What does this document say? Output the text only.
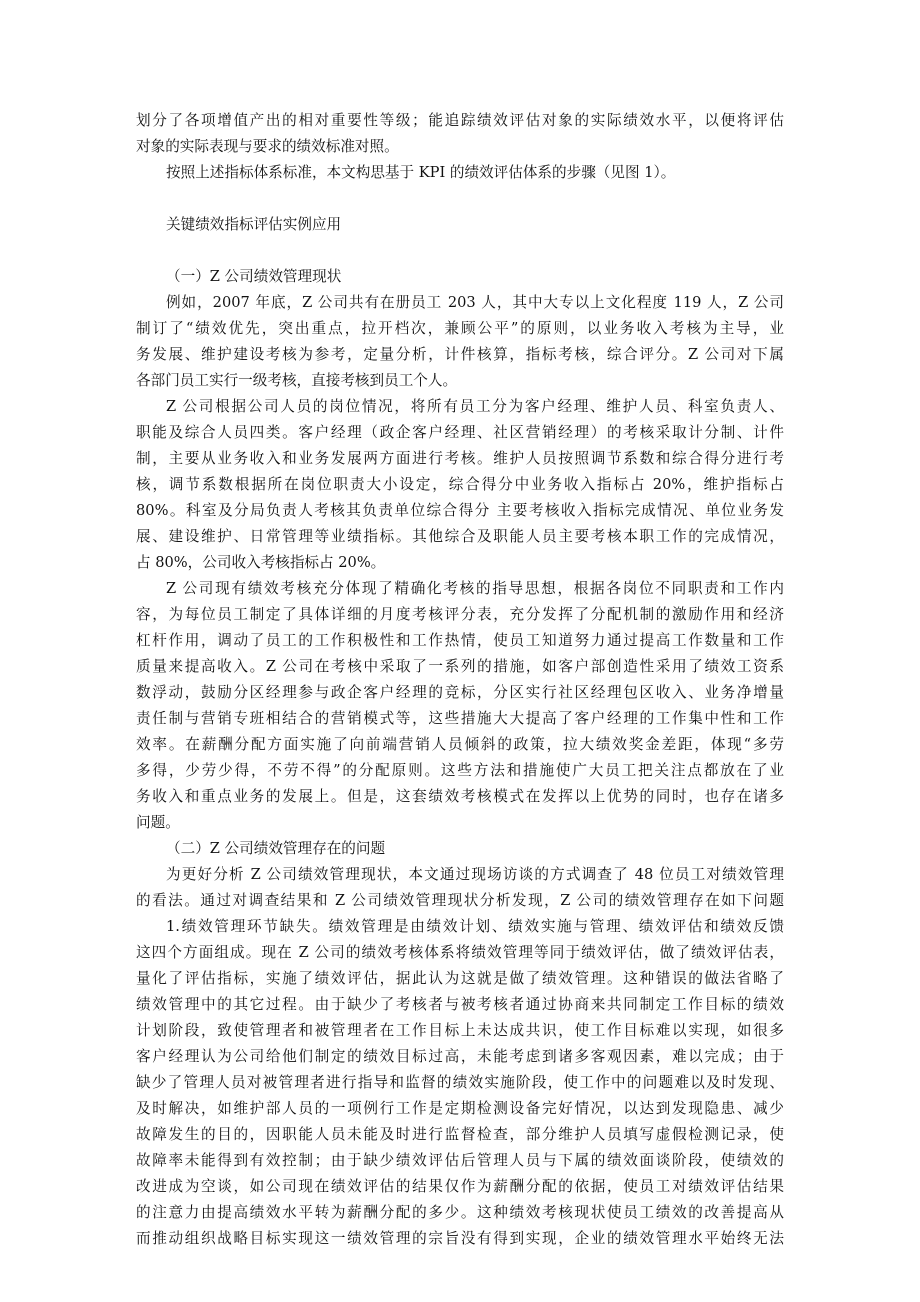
划分了各项增值产出的相对重要性等级；能追踪绩效评估对象的实际绩效水平，以便将评估
对象的实际表现与要求的绩效标准对照。
按照上述指标体系标准，本文构思基于 KPI 的绩效评估体系的步骤（见图 1）。
关键绩效指标评估实例应用
（一）Z 公司绩效管理现状
例如，2007 年底，Z 公司共有在册员工 203 人，其中大专以上文化程度 119 人，Z 公司
制订了“绩效优先，突出重点，拉开档次，兼顾公平”的原则，以业务收入考核为主导，业
务发展、维护建设考核为参考，定量分析，计件核算，指标考核，综合评分。Z 公司对下属
各部门员工实行一级考核，直接考核到员工个人。
Z 公司根据公司人员的岗位情况，将所有员工分为客户经理、维护人员、科室负责人、
职能及综合人员四类。客户经理（政企客户经理、社区营销经理）的考核采取计分制、计件
制，主要从业务收入和业务发展两方面进行考核。维护人员按照调节系数和综合得分进行考
核，调节系数根据所在岗位职责大小设定，综合得分中业务收入指标占 20%，维护指标占
80%。科室及分局负责人考核其负责单位综合得分 主要考核收入指标完成情况、单位业务发
展、建设维护、日常管理等业绩指标。其他综合及职能人员主要考核本职工作的完成情况，
占 80%，公司收入考核指标占 20%。
Z 公司现有绩效考核充分体现了精确化考核的指导思想，根据各岗位不同职责和工作内
容，为每位员工制定了具体详细的月度考核评分表，充分发挥了分配机制的激励作用和经济
杠杆作用，调动了员工的工作积极性和工作热情，使员工知道努力通过提高工作数量和工作
质量来提高收入。Z 公司在考核中采取了一系列的措施，如客户部创造性采用了绩效工资系
数浮动，鼓励分区经理参与政企客户经理的竞标，分区实行社区经理包区收入、业务净增量
责任制与营销专班相结合的营销模式等，这些措施大大提高了客户经理的工作集中性和工作
效率。在薪酬分配方面实施了向前端营销人员倾斜的政策，拉大绩效奖金差距，体现“多劳
多得，少劳少得，不劳不得”的分配原则。这些方法和措施使广大员工把关注点都放在了业
务收入和重点业务的发展上。但是，这套绩效考核模式在发挥以上优势的同时，也存在诸多
问题。
（二）Z 公司绩效管理存在的问题
为更好分析 Z 公司绩效管理现状，本文通过现场访谈的方式调查了 48 位员工对绩效管理
的看法。通过对调查结果和 Z 公司绩效管理现状分析发现，Z 公司的绩效管理存在如下问题
1.绩效管理环节缺失。绩效管理是由绩效计划、绩效实施与管理、绩效评估和绩效反馈
这四个方面组成。现在 Z 公司的绩效考核体系将绩效管理等同于绩效评估，做了绩效评估表，
量化了评估指标，实施了绩效评估，据此认为这就是做了绩效管理。这种错误的做法省略了
绩效管理中的其它过程。由于缺少了考核者与被考核者通过协商来共同制定工作目标的绩效
计划阶段，致使管理者和被管理者在工作目标上未达成共识，使工作目标难以实现，如很多
客户经理认为公司给他们制定的绩效目标过高，未能考虑到诸多客观因素，难以完成；由于
缺少了管理人员对被管理者进行指导和监督的绩效实施阶段，使工作中的问题难以及时发现、
及时解决，如维护部人员的一项例行工作是定期检测设备完好情况，以达到发现隐患、减少
故障发生的目的，因职能人员未能及时进行监督检查，部分维护人员填写虚假检测记录，使
故障率未能得到有效控制；由于缺少绩效评估后管理人员与下属的绩效面谈阶段，使绩效的
改进成为空谈，如公司现在绩效评估的结果仅作为薪酬分配的依据，使员工对绩效评估结果
的注意力由提高绩效水平转为薪酬分配的多少。这种绩效考核现状使员工绩效的改善提高从
而推动组织战略目标实现这一绩效管理的宗旨没有得到实现，企业的绩效管理水平始终无法
